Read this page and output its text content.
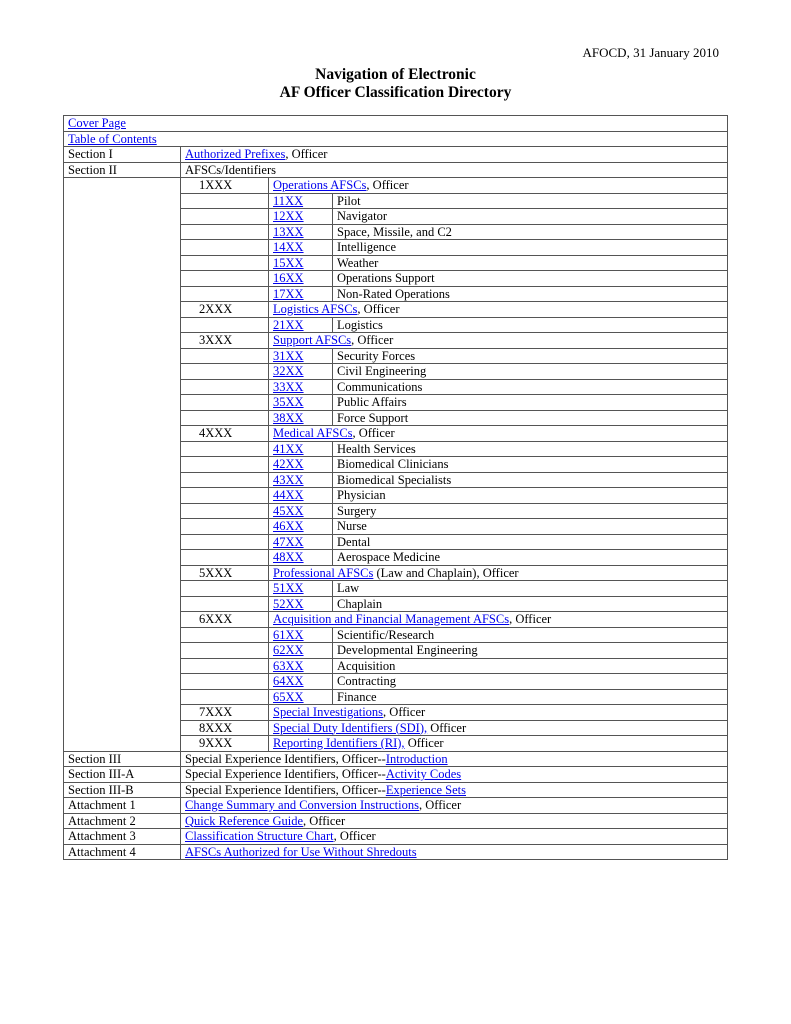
AFOCD, 31 January 2010
Navigation of Electronic
AF Officer Classification Directory
Cover Page			
Table of Contents			
Section I	Authorized Prefixes, Officer		
Section II	AFSCs/Identifiers		
	1XXX	Operations AFSCs, Officer	
		11XX	Pilot
		12XX	Navigator
		13XX	Space, Missile, and C2
		14XX	Intelligence
		15XX	Weather
		16XX	Operations Support
		17XX	Non-Rated Operations
	2XXX	Logistics AFSCs, Officer	
		21XX	Logistics
	3XXX	Support AFSCs, Officer	
		31XX	Security Forces
		32XX	Civil Engineering
		33XX	Communications
		35XX	Public Affairs
		38XX	Force Support
	4XXX	Medical AFSCs, Officer	
		41XX	Health Services
		42XX	Biomedical Clinicians
		43XX	Biomedical Specialists
		44XX	Physician
		45XX	Surgery
		46XX	Nurse
		47XX	Dental
		48XX	Aerospace Medicine
	5XXX	Professional AFSCs (Law and Chaplain), Officer	
		51XX	Law
		52XX	Chaplain
	6XXX	Acquisition and Financial Management AFSCs, Officer	
		61XX	Scientific/Research
		62XX	Developmental Engineering
		63XX	Acquisition
		64XX	Contracting
		65XX	Finance
	7XXX	Special Investigations, Officer	
	8XXX	Special Duty Identifiers (SDI), Officer	
	9XXX	Reporting Identifiers (RI), Officer	
Section III	Special Experience Identifiers, Officer--Introduction		
Section III-A	Special Experience Identifiers, Officer--Activity Codes		
Section III-B	Special Experience Identifiers, Officer--Experience Sets		
Attachment 1	Change Summary and Conversion Instructions, Officer		
Attachment 2	Quick Reference Guide, Officer		
Attachment 3	Classification Structure Chart, Officer		
Attachment 4	AFSCs Authorized for Use Without Shredouts		
